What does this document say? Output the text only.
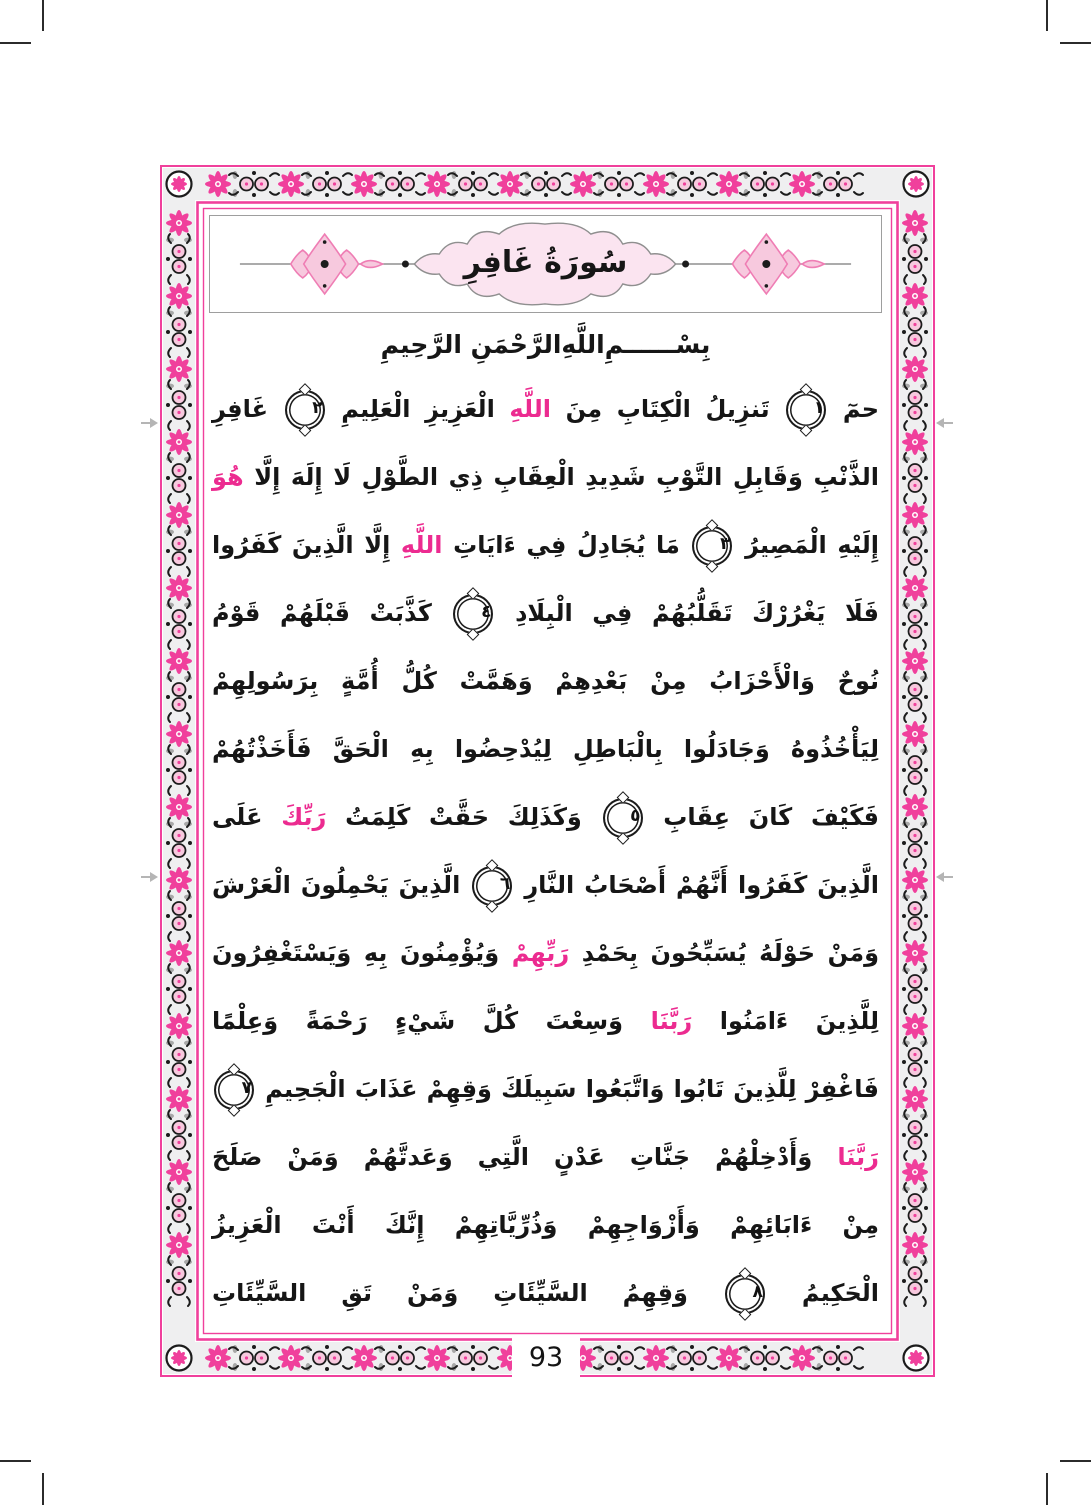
سُورَةُ غَافِرِ
بِسْــــــمِ
اللَّهِ
الرَّحْمَنِ الرَّحِيمِ
حمٓ
١
تَنزِيلُ الْكِتَابِ مِنَ اللَّهِ الْعَزِيزِ الْعَلِيمِ
٢
غَافِرِ
الذَّنْبِ وَقَابِلِ التَّوْبِ شَدِيدِ الْعِقَابِ ذِي الطَّوْلِ لَا إِلَهَ إِلَّا هُوَ
إِلَيْهِ الْمَصِيرُ
٣
مَا يُجَادِلُ فِي ءَايَاتِ اللَّهِ إِلَّا الَّذِينَ كَفَرُوا
فَلَا يَغْرُرْكَ تَقَلُّبُهُمْ فِي الْبِلَادِ
٤
كَذَّبَتْ قَبْلَهُمْ قَوْمُ
نُوحٌ وَالْأَحْزَابُ مِنْ بَعْدِهِمْ وَهَمَّتْ كُلُّ أُمَّةٍ بِرَسُولِهِمْ
لِيَأْخُذُوهُ وَجَادَلُوا بِالْبَاطِلِ لِيُدْحِضُوا بِهِ الْحَقَّ فَأَخَذْتُهُمْ
فَكَيْفَ كَانَ عِقَابِ
٥
وَكَذَلِكَ حَقَّتْ كَلِمَتُ رَبِّكَ عَلَى
الَّذِينَ كَفَرُوا أَنَّهُمْ أَصْحَابُ النَّارِ
٦
الَّذِينَ يَحْمِلُونَ الْعَرْشَ
وَمَنْ حَوْلَهُ يُسَبِّحُونَ بِحَمْدِ رَبِّهِمْ وَيُؤْمِنُونَ بِهِ وَيَسْتَغْفِرُونَ
لِلَّذِينَ ءَامَنُوا رَبَّنَا وَسِعْتَ كُلَّ شَيْءٍ رَحْمَةً وَعِلْمًا
فَاغْفِرْ لِلَّذِينَ تَابُوا وَاتَّبَعُوا سَبِيلَكَ وَقِهِمْ عَذَابَ الْجَحِيمِ
٧
رَبَّنَا وَأَدْخِلْهُمْ جَنَّاتِ عَدْنٍ الَّتِي وَعَدتَّهُمْ وَمَنْ صَلَحَ
مِنْ ءَابَائِهِمْ وَأَزْوَاجِهِمْ وَذُرِّيَّاتِهِمْ إِنَّكَ أَنْتَ الْعَزِيزُ
الْحَكِيمُ
٨
وَقِهِمُ السَّيِّئَاتِ وَمَنْ تَقِ السَّيِّئَاتِ
93
